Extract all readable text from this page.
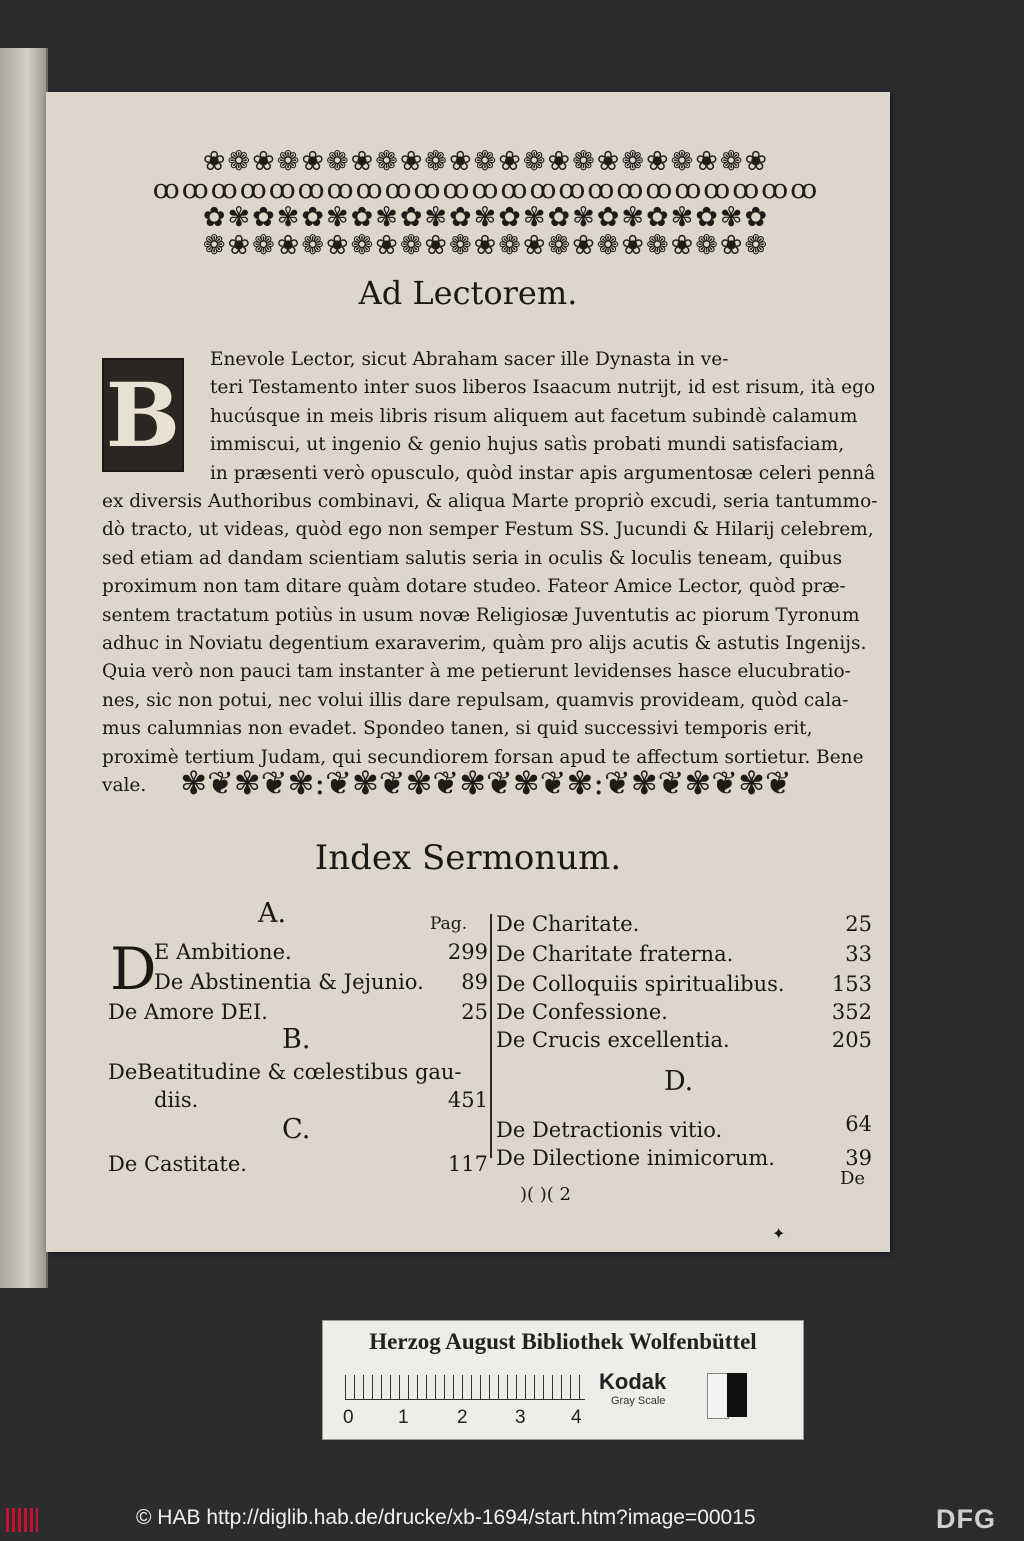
❀❁❀❁❀❁❀❁❀❁❀❁❀❁❀❁❀❁❀❁❀❁❀
ꝏꝏꝏꝏꝏꝏꝏꝏꝏꝏꝏꝏꝏꝏꝏꝏꝏꝏꝏꝏꝏꝏꝏ
✿✾✿✾✿✾✿✾✿✾✿✾✿✾✿✾✿✾✿✾✿✾✿
❁❀❁❀❁❀❁❀❁❀❁❀❁❀❁❀❁❀❁❀❁❀❁
Ad Lectorem.
B
Enevole Lector, sicut Abraham sacer ille Dynasta in ve-
teri Testamento inter suos liberos Isaacum nutrijt, id est risum, ità ego
hucúsque in meis libris risum aliquem aut facetum subindè calamum
immiscui, ut ingenio & genio hujus satìs probati mundi satisfaciam,
in præsenti verò opusculo, quòd instar apis argumentosæ celeri pennâ
ex diversis Authoribus combinavi, & aliqua Marte propriò excudi, seria tantummo-
dò tracto, ut videas, quòd ego non semper Festum SS. Jucundi & Hilarij celebrem,
sed etiam ad dandam scientiam salutis seria in oculis & loculis teneam, quibus
proximum non tam ditare quàm dotare studeo. Fateor Amice Lector, quòd præ-
sentem tractatum potiùs in usum novæ Religiosæ Juventutis ac piorum Tyronum
adhuc in Noviatu degentium exaraverim, quàm pro alijs acutis & astutis Ingenijs.
Quia verò non pauci tam instanter à me petierunt levidenses hasce elucubratio-
nes, sic non potui, nec volui illis dare repulsam, quamvis provideam, quòd cala-
mus calumnias non evadet. Spondeo tanen, si quid successivi temporis erit,
proximè tertium Judam, qui secundiorem forsan apud te affectum sortietur. Bene
vale.	✾❦✾❦✾:❦✾❦✾❦✾❦✾❦✾:❦✾❦✾❦✾❦
Index Sermonum.
A.	Pag.
D
E Ambitione.	299
De Abstinentia & Jejunio.	89
De Amore DEI.	25
B.
DeBeatitudine & cœlestibus gau-
diis.	451
C.
De Castitate.	117
De Charitate.	25
De Charitate fraterna.	33
De Colloquiis spiritualibus.	153
De Confessione.	352
De Crucis excellentia.	205
D.
De Detractionis vitio.	64
De Dilectione inimicorum.	39
)( )( 2
De
✦
Herzog August Bibliothek Wolfenbüttel
0 1	2 3 4
Kodak
Gray Scale
© HAB http://diglib.hab.de/drucke/xb-1694/start.htm?image=00015	DFG
